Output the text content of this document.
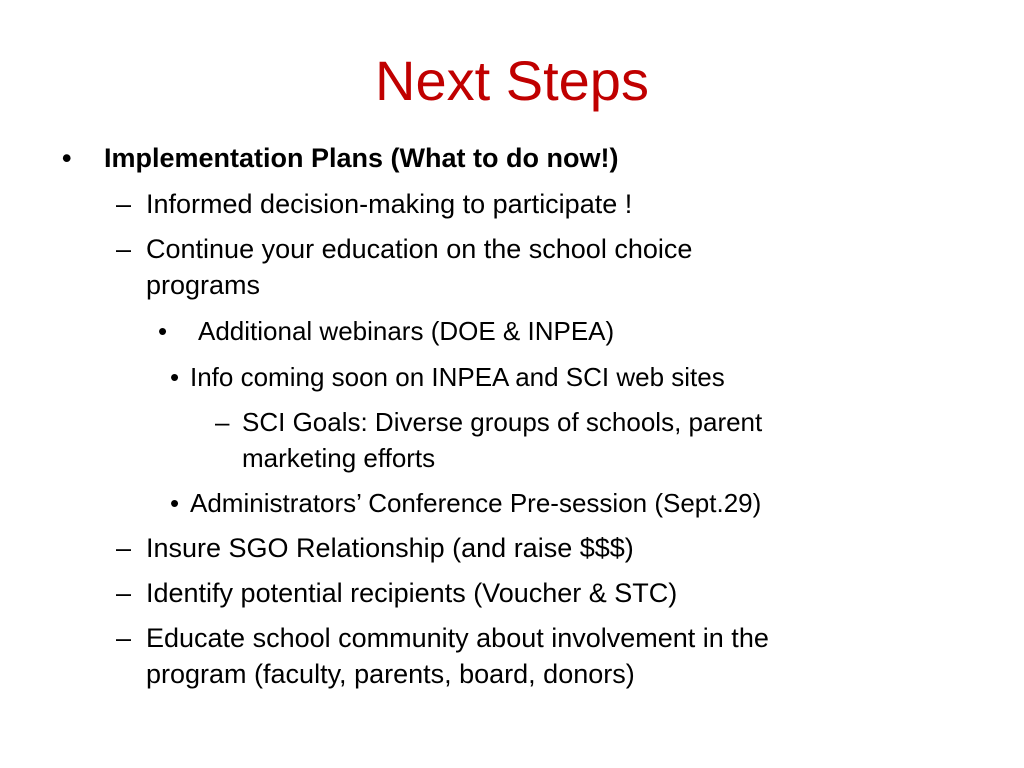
Next Steps
• Implementation Plans (What to do now!)
– Informed decision-making to participate !
– Continue your education on the school choice
programs
• Additional webinars (DOE & INPEA)
• Info coming soon on INPEA and SCI web sites
– SCI Goals: Diverse groups of schools, parent
marketing efforts
• Administrators’ Conference Pre-session (Sept.29)
– Insure SGO Relationship (and raise $$$)
– Identify potential recipients (Voucher & STC)
– Educate school community about involvement in the
program (faculty, parents, board, donors)
